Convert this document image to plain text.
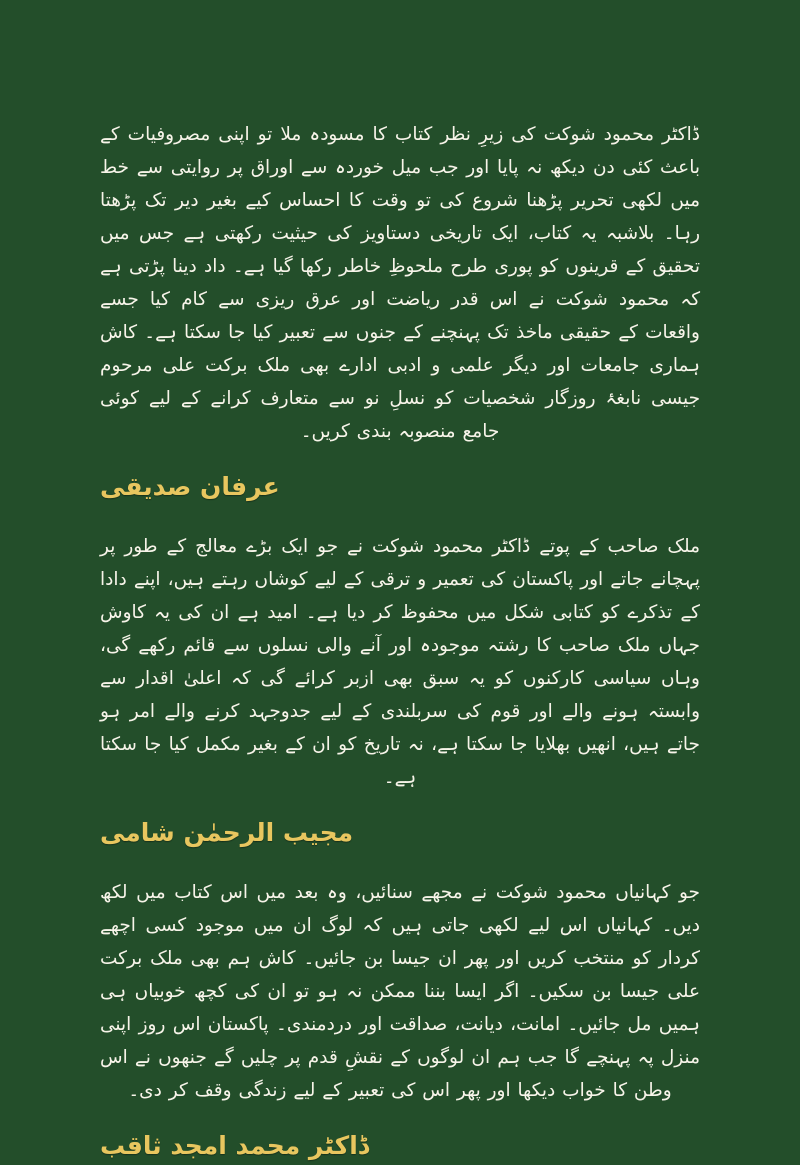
ڈاکٹر محمود شوکت کی زیرِ نظر کتاب کا مسودہ ملا تو اپنی مصروفیات کے باعث کئی دن دیکھ نہ پایا اور جب میل خوردہ سے اوراق پر روایتی سے خط میں لکھی تحریر پڑھنا شروع کی تو وقت کا احساس کیے بغیر دیر تک پڑھتا رہا۔ بلاشبہ یہ کتاب، ایک تاریخی دستاویز کی حیثیت رکھتی ہے جس میں تحقیق کے قرینوں کو پوری طرح ملحوظِ خاطر رکھا گیا ہے۔ داد دینا پڑتی ہے کہ محمود شوکت نے اس قدر ریاضت اور عرق ریزی سے کام کیا جسے واقعات کے حقیقی ماخذ تک پہنچنے کے جنوں سے تعبیر کیا جا سکتا ہے۔ کاش ہماری جامعات اور دیگر علمی و ادبی ادارے بھی ملک برکت علی مرحوم جیسی نابغۂ روزگار شخصیات کو نسلِ نو سے متعارف کرانے کے لیے کوئی جامع منصوبہ بندی کریں۔

عرفان صدیقی

ملک صاحب کے پوتے ڈاکٹر محمود شوکت نے جو ایک بڑے معالج کے طور پر پہچانے جاتے اور پاکستان کی تعمیر و ترقی کے لیے کوشاں رہتے ہیں، اپنے دادا کے تذکرے کو کتابی شکل میں محفوظ کر دیا ہے۔ امید ہے ان کی یہ کاوش جہاں ملک صاحب کا رشتہ موجودہ اور آنے والی نسلوں سے قائم رکھے گی، وہاں سیاسی کارکنوں کو یہ سبق بھی ازبر کرائے گی کہ اعلیٰ اقدار سے وابستہ ہونے والے اور قوم کی سربلندی کے لیے جدوجہد کرنے والے امر ہو جاتے ہیں، انھیں بھلایا جا سکتا ہے، نہ تاریخ کو ان کے بغیر مکمل کیا جا سکتا ہے۔

مجیب الرحمٰن شامی

جو کہانیاں محمود شوکت نے مجھے سنائیں، وہ بعد میں اس کتاب میں لکھ دیں۔ کہانیاں اس لیے لکھی جاتی ہیں کہ لوگ ان میں موجود کسی اچھے کردار کو منتخب کریں اور پھر ان جیسا بن جائیں۔ کاش ہم بھی ملک برکت علی جیسا بن سکیں۔ اگر ایسا بننا ممکن نہ ہو تو ان کی کچھ خوبیاں ہی ہمیں مل جائیں۔ امانت، دیانت، صداقت اور دردمندی۔ پاکستان اس روز اپنی منزل پہ پہنچے گا جب ہم ان لوگوں کے نقشِ قدم پر چلیں گے جنھوں نے اس وطن کا خواب دیکھا اور پھر اس کی تعبیر کے لیے زندگی وقف کر دی۔

ڈاکٹر محمد امجد ثاقب
